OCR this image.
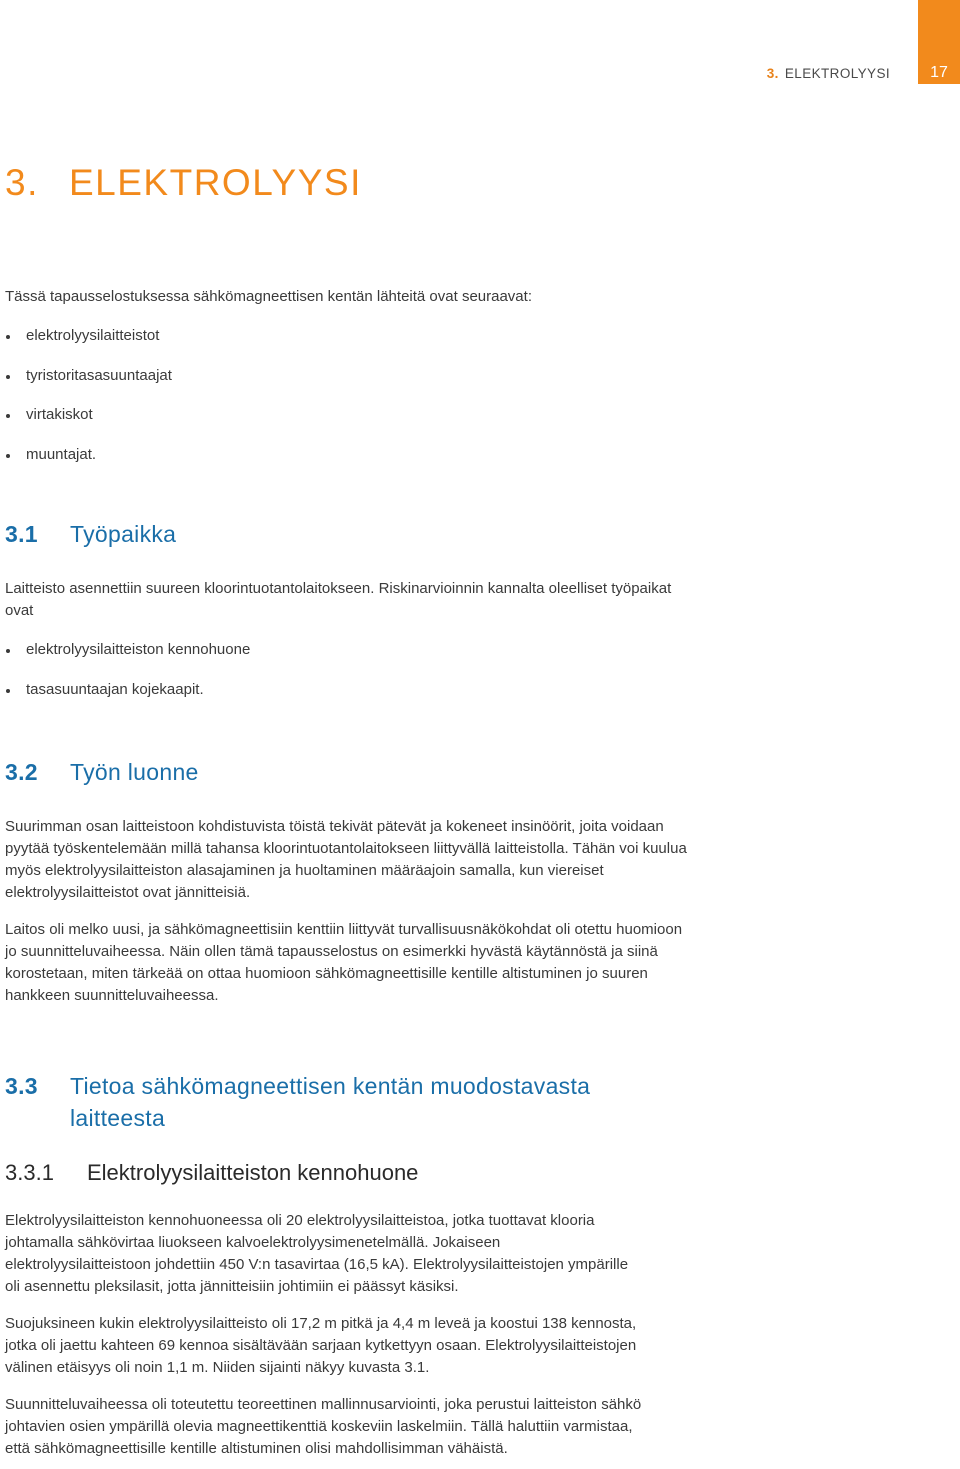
3. ELEKTROLYYSI	17
3. ELEKTROLYYSI

Tässä tapausselostuksessa sähkömagneettisen kentän lähteitä ovat seuraavat:

elektrolyysilaitteistot
tyristoritasasuuntaajat
virtakiskot
muuntajat.
3.1 Työpaikka

Laitteisto asennettiin suureen kloorintuotantolaitokseen. Riskinarvioinnin kannalta oleelliset työpaikat ovat

elektrolyysilaitteiston kennohuone
tasasuuntaajan kojekaapit.
3.2 Työn luonne

Suurimman osan laitteistoon kohdistuvista töistä tekivät pätevät ja kokeneet insinöörit, joita voidaan pyytää työskentelemään millä tahansa kloorintuotantolaitokseen liittyvällä laitteistolla. Tähän voi kuulua myös elektrolyysilaitteiston alasajaminen ja huoltaminen määräajoin samalla, kun viereiset elektrolyysilaitteistot ovat jännitteisiä.

Laitos oli melko uusi, ja sähkömagneettisiin kenttiin liittyvät turvallisuusnäkökohdat oli otettu huomioon jo suunnitteluvaiheessa. Näin ollen tämä tapausselostus on esimerkki hyvästä käytännöstä ja siinä korostetaan, miten tärkeää on ottaa huomioon sähkömagneettisille kentille altistuminen jo suuren hankkeen suunnitteluvaiheessa.

3.3 Tietoa sähkömagneettisen kentän muodostavasta
laitteesta
3.3.1 Elektrolyysilaitteiston kennohuone

Elektrolyysilaitteiston kennohuoneessa oli 20 elektrolyysilaitteistoa, jotka tuottavat klooria johtamalla sähkövirtaa liuokseen kalvoelektrolyysimenetelmällä. Jokaiseen elektrolyysilaitteistoon johdettiin 450 V:n tasavirtaa (16,5 kA). Elektrolyysilaitteistojen ympärille oli asennettu pleksilasit, jotta jännitteisiin johtimiin ei päässyt käsiksi.

Suojuksineen kukin elektrolyysilaitteisto oli 17,2 m pitkä ja 4,4 m leveä ja koostui 138 kennosta, jotka oli jaettu kahteen 69 kennoa sisältävään sarjaan kytkettyyn osaan. Elektrolyysilaitteistojen välinen etäisyys oli noin 1,1 m. Niiden sijainti näkyy kuvasta 3.1.

Suunnitteluvaiheessa oli toteutettu teoreettinen mallinnusarviointi, joka perustui laitteiston sähkö johtavien osien ympärillä olevia magneettikenttiä koskeviin laskelmiin. Tällä haluttiin varmistaa, että sähkömagneettisille kentille altistuminen olisi mahdollisimman vähäistä.
